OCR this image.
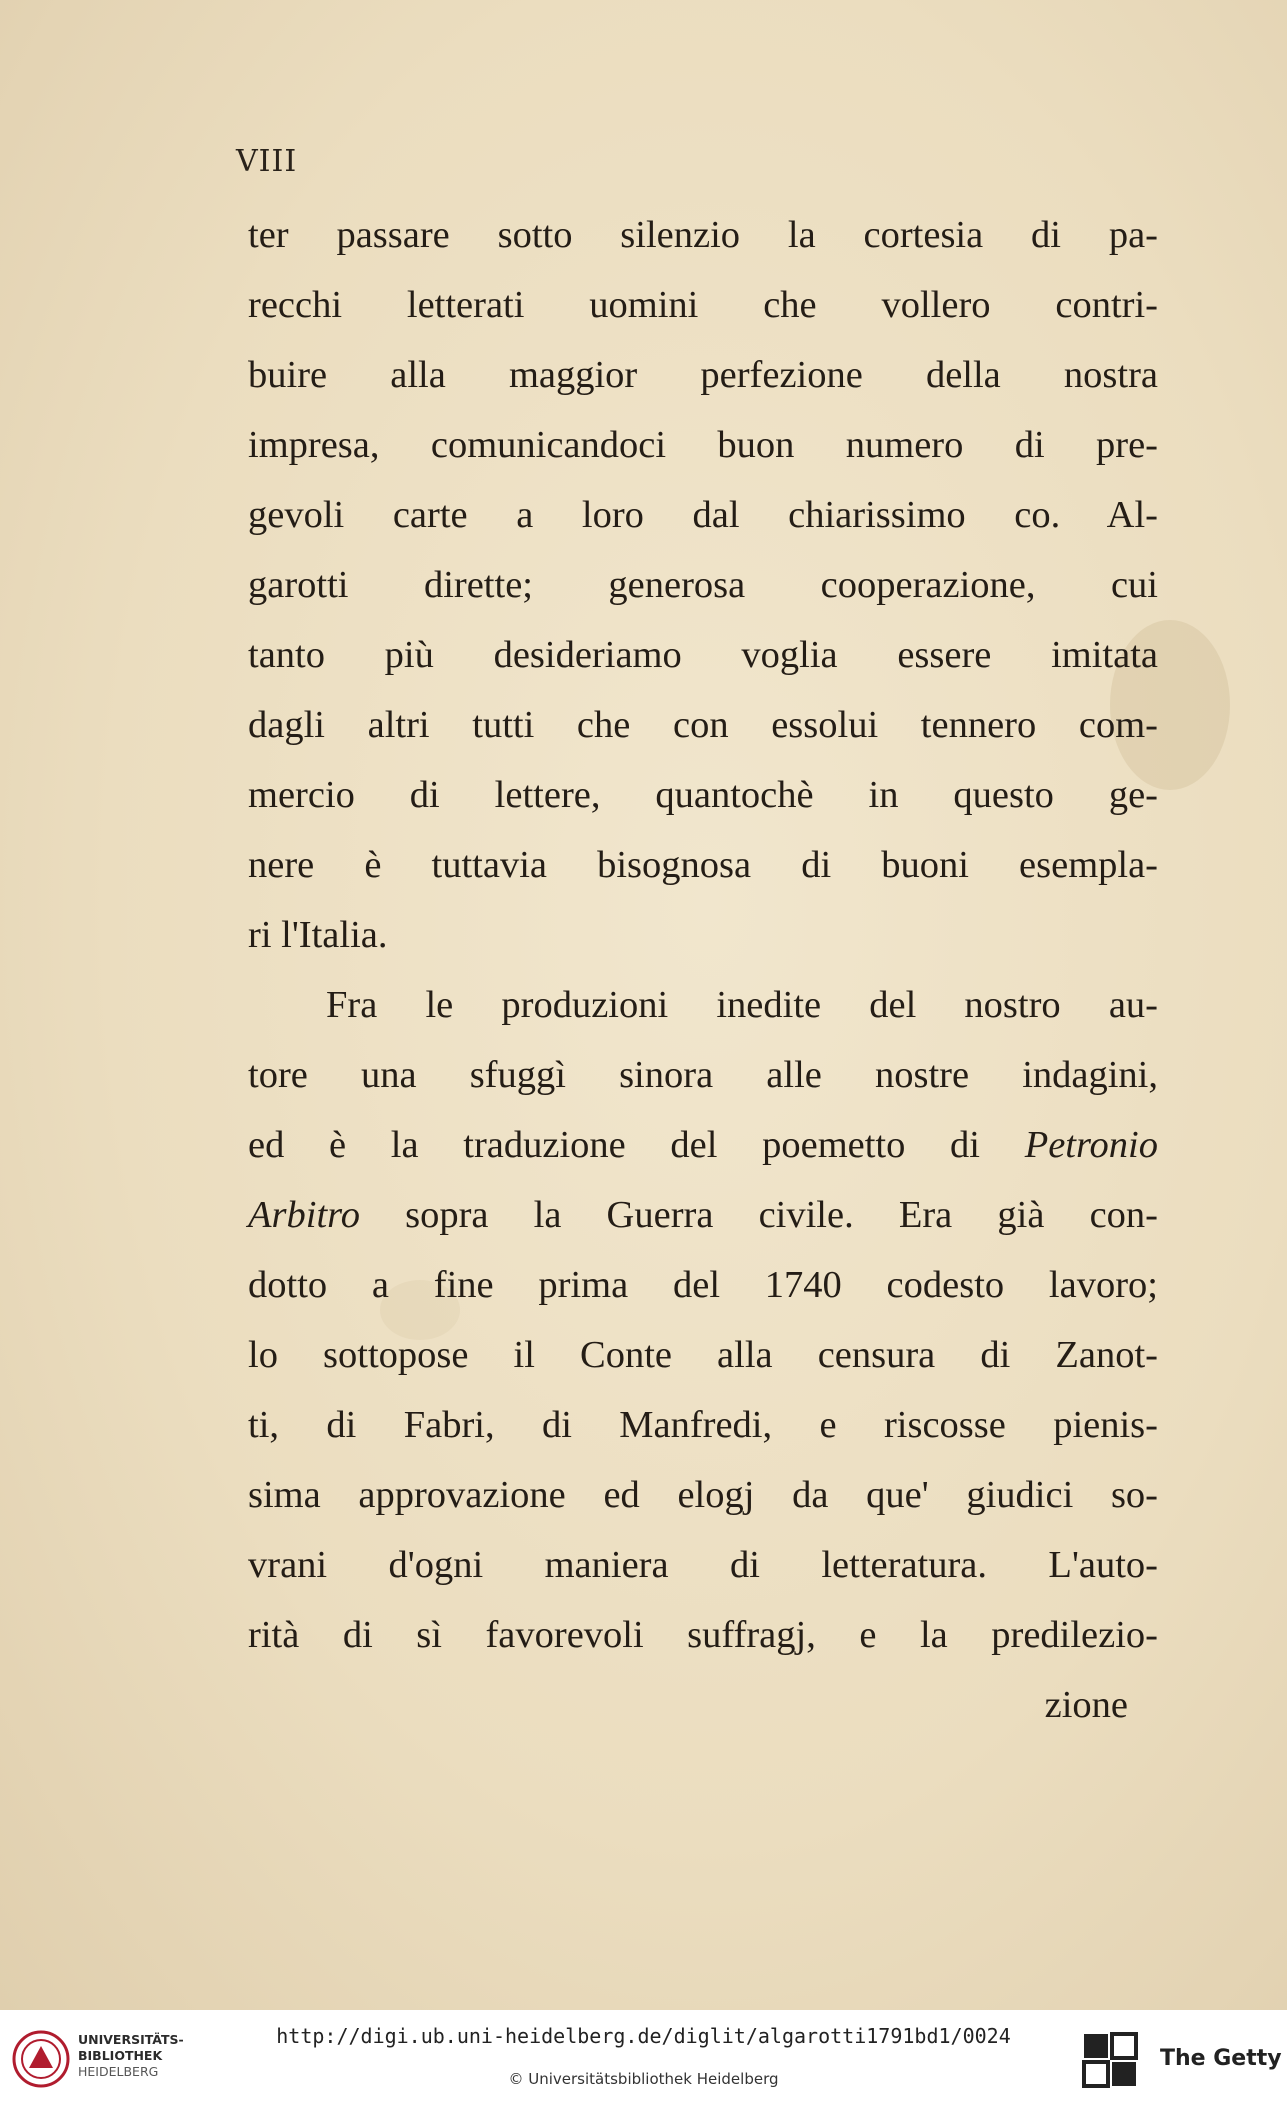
VIII
ter passare sotto silenzio la cortesia di pa-
recchi letterati uomini che vollero contri-
buire alla maggior perfezione della nostra
impresa, comunicandoci buon numero di pre-
gevoli carte a loro dal chiarissimo co. Al-
garotti dirette; generosa cooperazione, cui
tanto più desideriamo voglia essere imitata
dagli altri tutti che con essolui tennero com-
mercio di lettere, quantochè in questo ge-
nere è tuttavia bisognosa di buoni esempla-
ri l'Italia.
Fra le produzioni inedite del nostro au-
tore una sfuggì sinora alle nostre indagini,
ed è la traduzione del poemetto di Petronio
Arbitro sopra la Guerra civile. Era già con-
dotto a fine prima del 1740 codesto lavoro;
lo sottopose il Conte alla censura di Zanot-
ti, di Fabri, di Manfredi, e riscosse pienis-
sima approvazione ed elogj da que' giudici so-
vrani d'ogni maniera di letteratura. L'auto-
rità di sì favorevoli suffragj, e la predilezio-
zione
UNIVERSITÄTS-
BIBLIOTHEK
HEIDELBERG
http://digi.ub.uni-heidelberg.de/diglit/algarotti1791bd1/0024
© Universitätsbibliothek Heidelberg
The Getty
